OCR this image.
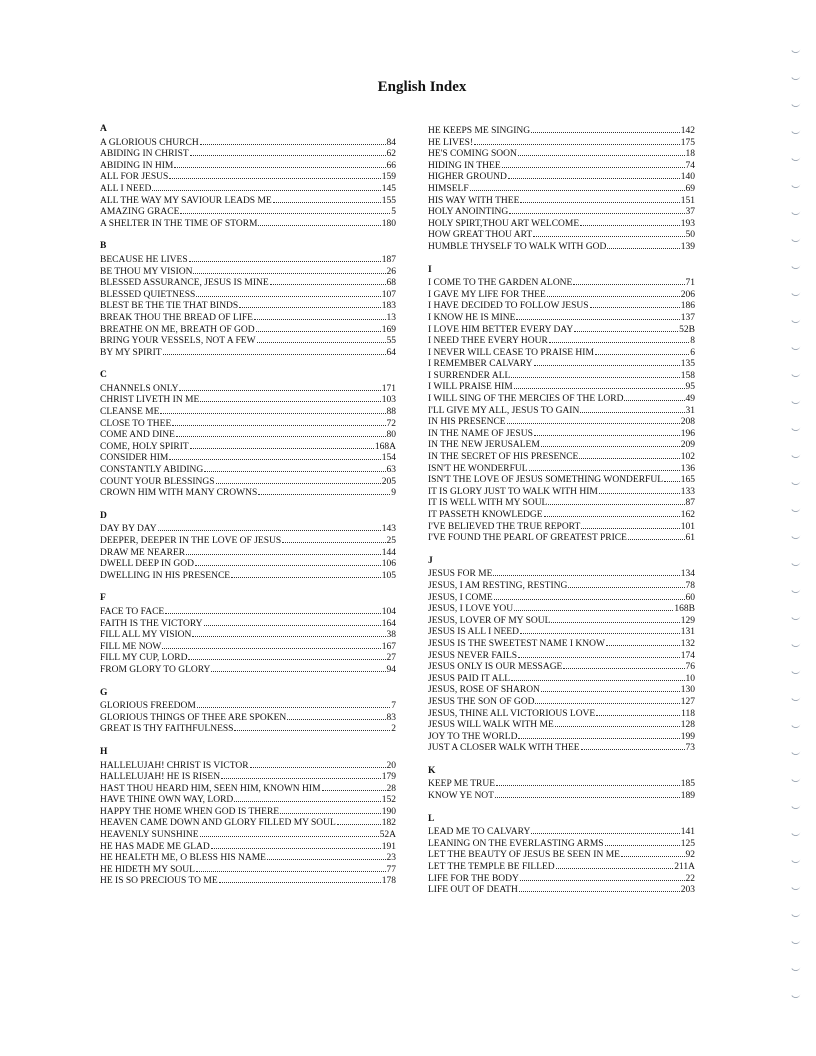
English Index
A
A GLORIOUS CHURCH	84
ABIDING IN CHRIST	62
ABIDING IN HIM	66
ALL FOR JESUS	159
ALL I NEED	145
ALL THE WAY MY SAVIOUR LEADS ME	155
AMAZING GRACE	5
A SHELTER IN THE TIME OF STORM	180
B
BECAUSE HE LIVES	187
BE THOU MY VISION	26
BLESSED ASSURANCE, JESUS IS MINE	68
BLESSED QUIETNESS	107
BLEST BE THE TIE THAT BINDS	183
BREAK THOU THE BREAD OF LIFE	13
BREATHE ON ME, BREATH OF GOD	169
BRING YOUR VESSELS, NOT A FEW	55
BY MY SPIRIT	64
C
CHANNELS ONLY	171
CHRIST LIVETH IN ME	103
CLEANSE ME	88
CLOSE TO THEE	72
COME AND DINE	80
COME, HOLY SPIRIT	168A
CONSIDER HIM	154
CONSTANTLY ABIDING	63
COUNT YOUR BLESSINGS	205
CROWN HIM WITH MANY CROWNS	9
D
DAY BY DAY	143
DEEPER, DEEPER IN THE LOVE OF JESUS	25
DRAW ME NEARER	144
DWELL DEEP IN GOD	106
DWELLING IN HIS PRESENCE	105
F
FACE TO FACE	104
FAITH IS THE VICTORY	164
FILL ALL MY VISION	38
FILL ME NOW	167
FILL MY CUP, LORD	27
FROM GLORY TO GLORY	94
G
GLORIOUS FREEDOM	7
GLORIOUS THINGS OF THEE ARE SPOKEN	83
GREAT IS THY FAITHFULNESS	2
H
HALLELUJAH! CHRIST IS VICTOR	20
HALLELUJAH! HE IS RISEN	179
HAST THOU HEARD HIM, SEEN HIM, KNOWN HIM	28
HAVE THINE OWN WAY, LORD	152
HAPPY THE HOME WHEN GOD IS THERE	190
HEAVEN CAME DOWN AND GLORY FILLED MY SOUL	182
HEAVENLY SUNSHINE	52A
HE HAS MADE ME GLAD	191
HE HEALETH ME, O BLESS HIS NAME	23
HE HIDETH MY SOUL	77
HE IS SO PRECIOUS TO ME	178
HE KEEPS ME SINGING	142
HE LIVES!	175
HE'S COMING SOON	18
HIDING IN THEE	74
HIGHER GROUND	140
HIMSELF	69
HIS WAY WITH THEE	151
HOLY ANOINTING	37
HOLY SPIRT,THOU ART WELCOME	193
HOW GREAT THOU ART	50
HUMBLE THYSELF TO WALK WITH GOD	139
I
I COME TO THE GARDEN ALONE	71
I GAVE MY LIFE FOR THEE	206
I HAVE DECIDED TO FOLLOW JESUS	186
I KNOW HE IS MINE	137
I LOVE HIM BETTER EVERY DAY	52B
I NEED THEE EVERY HOUR	8
I NEVER WILL CEASE TO PRAISE HIM	6
I REMEMBER CALVARY	135
I SURRENDER ALL	158
I WILL PRAISE HIM	95
I WILL SING OF THE MERCIES OF THE LORD	49
I'LL GIVE MY ALL, JESUS TO GAIN	31
IN HIS PRESENCE	208
IN THE NAME OF JESUS	196
IN THE NEW JERUSALEM	209
IN THE SECRET OF HIS PRESENCE	102
ISN'T HE WONDERFUL	136
ISN'T THE LOVE OF JESUS SOMETHING WONDERFUL 165
IT IS GLORY JUST TO WALK WITH HIM	133
IT IS WELL WITH MY SOUL	87
IT PASSETH KNOWLEDGE	162
I'VE BELIEVED THE TRUE REPORT	101
I'VE FOUND THE PEARL OF GREATEST PRICE	61
J
JESUS FOR ME	134
JESUS, I AM RESTING, RESTING	78
JESUS, I COME	60
JESUS, I LOVE YOU	168B
JESUS, LOVER OF MY SOUL	129
JESUS IS ALL I NEED	131
JESUS IS THE SWEETEST NAME I KNOW	132
JESUS NEVER FAILS	174
JESUS ONLY IS OUR MESSAGE	76
JESUS PAID IT ALL	10
JESUS, ROSE OF SHARON	130
JESUS THE SON OF GOD	127
JESUS, THINE ALL VICTORIOUS LOVE	118
JESUS WILL WALK WITH ME	128
JOY TO THE WORLD	199
JUST A CLOSER WALK WITH THEE	73
K
KEEP ME TRUE	185
KNOW YE NOT	189
L
LEAD ME TO CALVARY	141
LEANING ON THE EVERLASTING ARMS	125
LET THE BEAUTY OF JESUS BE SEEN IN ME	92
LET THE TEMPLE BE FILLED	211A
LIFE FOR THE BODY	22
LIFE OUT OF DEATH	203
